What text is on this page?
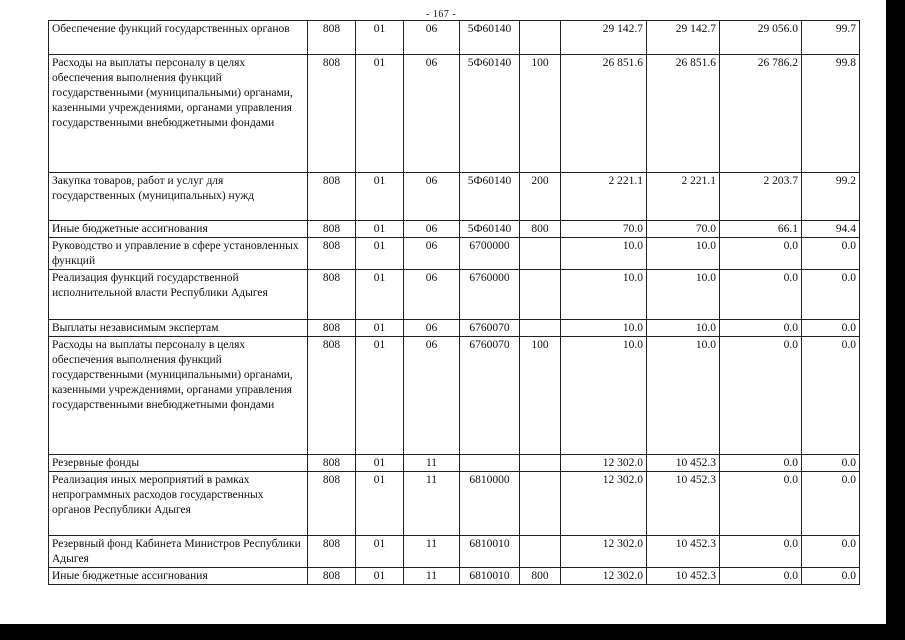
- 167 -
Обеспечение функций государственных органов	808	01	06	5Ф60140		29 142.7	29 142.7	29 056.0	99.7
Расходы на выплаты персоналу в целях обеспечения выполнения функций государственными (муниципальными) органами, казенными учреждениями, органами управления государственными внебюджетными фондами	808	01	06	5Ф60140	100	26 851.6	26 851.6	26 786.2	99.8
Закупка товаров, работ и услуг для государственных (муниципальных) нужд	808	01	06	5Ф60140	200	2 221.1	2 221.1	2 203.7	99.2
Иные бюджетные ассигнования	808	01	06	5Ф60140	800	70.0	70.0	66.1	94.4
Руководство и управление в сфере установленных функций	808	01	06	6700000		10.0	10.0	0.0	0.0
Реализация функций государственной исполнительной власти Республики Адыгея	808	01	06	6760000		10.0	10.0	0.0	0.0
Выплаты независимым экспертам	808	01	06	6760070		10.0	10.0	0.0	0.0
Расходы на выплаты персоналу в целях обеспечения выполнения функций государственными (муниципальными) органами, казенными учреждениями, органами управления государственными внебюджетными фондами	808	01	06	6760070	100	10.0	10.0	0.0	0.0
Резервные фонды	808	01	11			12 302.0	10 452.3	0.0	0.0
Реализация иных мероприятий в рамках непрограммных расходов государственных органов Республики Адыгея	808	01	11	6810000		12 302.0	10 452.3	0.0	0.0
Резервный фонд Кабинета Министров Республики Адыгея	808	01	11	6810010		12 302.0	10 452.3	0.0	0.0
Иные бюджетные ассигнования	808	01	11	6810010	800	12 302.0	10 452.3	0.0	0.0
